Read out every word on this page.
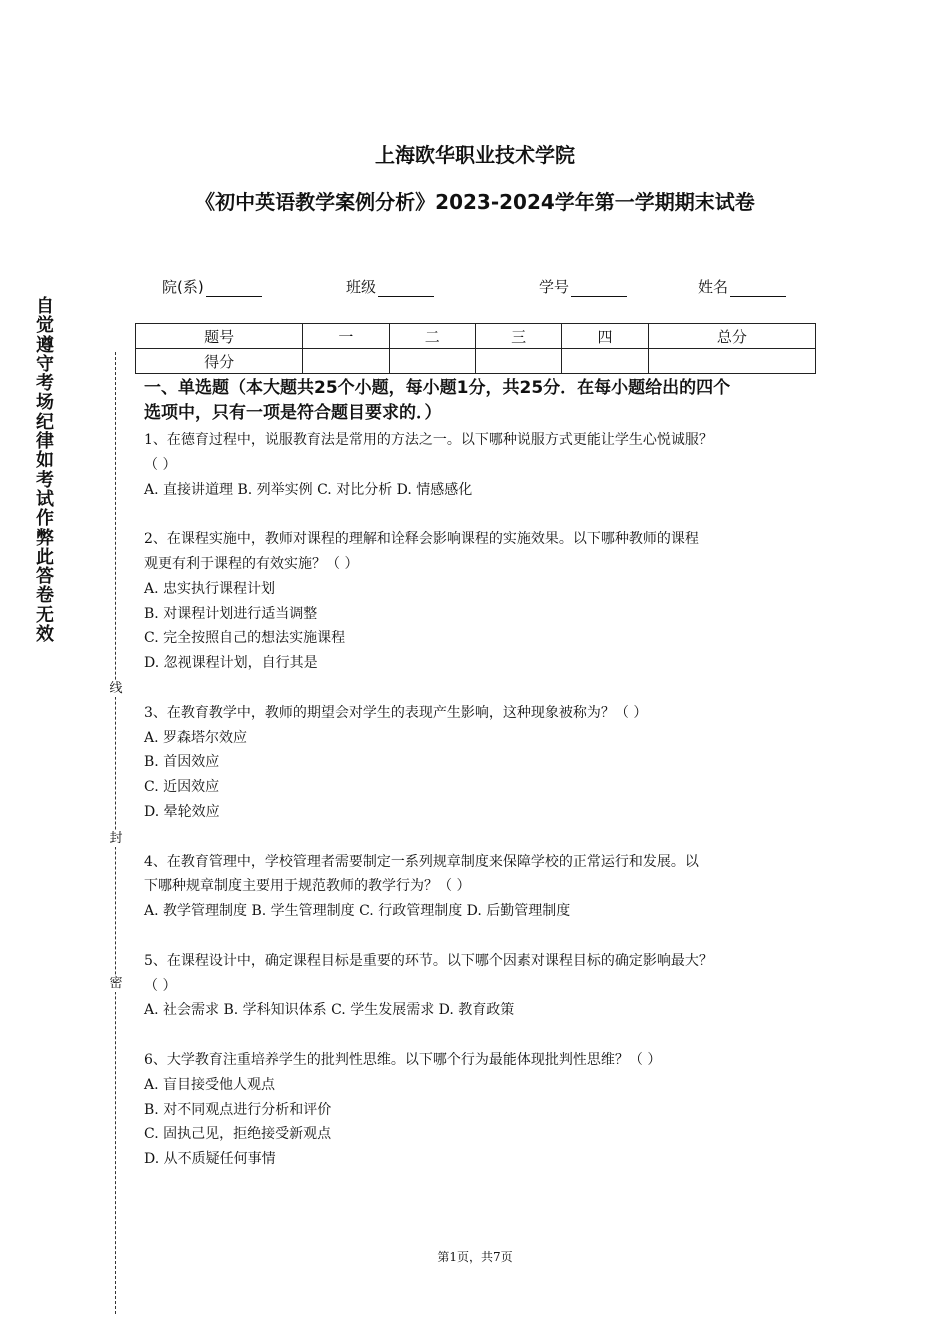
上海欧华职业技术学院
《初中英语教学案例分析》2023-2024学年第一学期期末试卷
院(系)	班级	学号	姓名
题号	一	二	三	四	总分
得分					
自觉遵守考场纪律如考试作弊此答卷无效
线
封
密

一、单选题（本大题共25个小题，每小题1分，共25分．在每小题给出的四个
选项中，只有一项是符合题目要求的．）

1、在德育过程中，说服教育法是常用的方法之一。以下哪种说服方式更能让学生心悦诚服？

（ ）

A. 直接讲道理 B. 列举实例 C. 对比分析 D. 情感感化

2、在课程实施中，教师对课程的理解和诠释会影响课程的实施效果。以下哪种教师的课程

观更有利于课程的有效实施？（ ）

A. 忠实执行课程计划

B. 对课程计划进行适当调整

C. 完全按照自己的想法实施课程

D. 忽视课程计划，自行其是

3、在教育教学中，教师的期望会对学生的表现产生影响，这种现象被称为？（ ）

A. 罗森塔尔效应

B. 首因效应

C. 近因效应

D. 晕轮效应

4、在教育管理中，学校管理者需要制定一系列规章制度来保障学校的正常运行和发展。以

下哪种规章制度主要用于规范教师的教学行为？（ ）

A. 教学管理制度 B. 学生管理制度 C. 行政管理制度 D. 后勤管理制度

5、在课程设计中，确定课程目标是重要的环节。以下哪个因素对课程目标的确定影响最大？

（ ）

A. 社会需求 B. 学科知识体系 C. 学生发展需求 D. 教育政策

6、大学教育注重培养学生的批判性思维。以下哪个行为最能体现批判性思维？（ ）

A. 盲目接受他人观点

B. 对不同观点进行分析和评价

C. 固执己见，拒绝接受新观点

D. 从不质疑任何事情

第1页，共7页
